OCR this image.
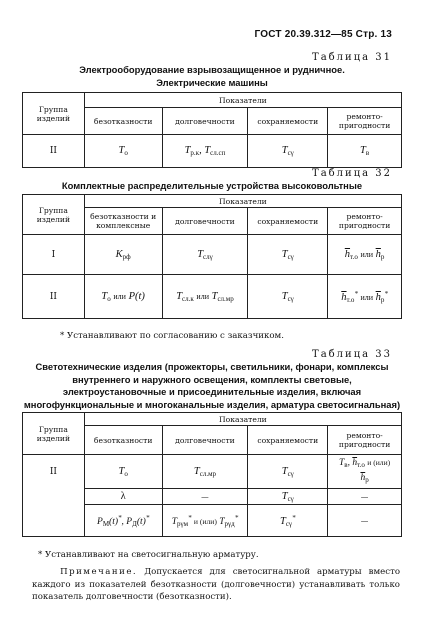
ГОСТ 20.39.312—85 Стр. 13
Таблица 31
Электрооборудование взрывозащищенное и рудничное.
Электрические машины
Группа изделий	Показатели			
	безотказности	долговечности	сохраняемости	ремонто-пригодности
II	$T_о$	$T_{р.к}$, $T_{сл.сп}$	$T_{с\gamma}$	$T_в$
Таблица 32
Комплектные распределительные устройства высоковольтные
Группа изделий	Показатели			
	безотказности и комплексные	долговечности	сохраняемости	ремонто-пригодности
I	$K_{рф}$	$T_{сл\gamma}$	$T_{с\gamma}$	$\overline{h}_{т.о}$ или $\overline{h}_р$
II	$T_о$ или P(t)	$T_{сл.к}$ или $T_{сл.мр}$	$T_{с\gamma}$	$\overline{h}_{т.о}^*$ или $\overline{h}_р^*$
* Устанавливают по согласованию с заказчиком.
Таблица 33
Светотехнические изделия (прожекторы, светильники, фонари, комплексы
внутреннего и наружного освещения, комплекты световые,
электроустановочные и присоединительные изделия, включая
многофункциональные и многоканальные изделия, арматура светосигнальная)
Группа изделий	Показатели			
	безотказности	долговечности	сохраняемости	ремонто-пригодности
II	$T_о$	$T_{сл.мр}$	$T_{с\gamma}$	$T_в$, $\overline{h}_{т.о}$ и (или)
$\overline{h}_р$
	λ	—	$T_{с\gamma}$	—
	$P_M(t)^*$, $P_Д(t)^*$	$T_{р\gamma м}^*$ и (или) $T_{р\gamma д}^*$	$T_{с\gamma}^*$	—
* Устанавливают на светосигнальную арматуру.
Примечание. Допускается для светосигнальной арматуры вместо каждого из показателей безотказности (долговечности) устанавливать только показатель долговечности (безотказности).
